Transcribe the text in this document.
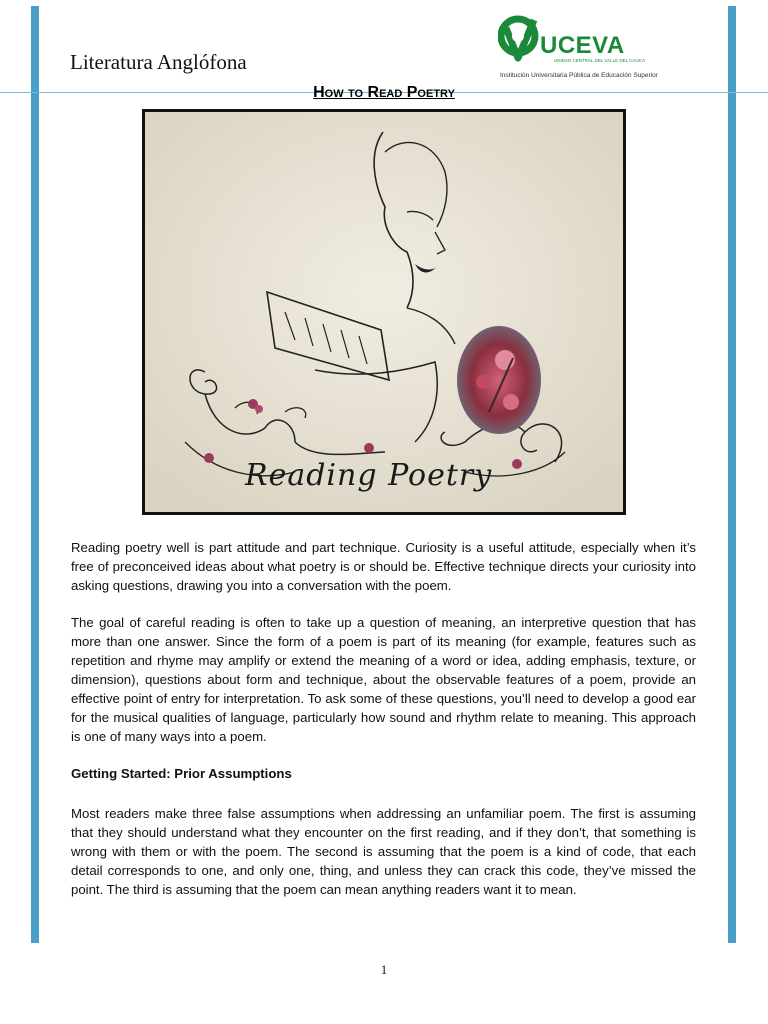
Literatura Anglófona
UCEVA
UNIDAD CENTRAL DEL VALLE DEL CAUCA
Institución Universitaria Pública de Educación Superior
How to Read Poetry
Reading Poetry

Reading poetry well is part attitude and part technique. Curiosity is a useful attitude, especially when it’s free of preconceived ideas about what poetry is or should be. Effective technique directs your curiosity into asking questions, drawing you into a conversation with the poem.

The goal of careful reading is often to take up a question of meaning, an interpretive question that has more than one answer. Since the form of a poem is part of its meaning (for example, features such as repetition and rhyme may amplify or extend the meaning of a word or idea, adding emphasis, texture, or dimension), questions about form and technique, about the observable features of a poem, provide an effective point of entry for interpretation. To ask some of these questions, you’ll need to develop a good ear for the musical qualities of language, particularly how sound and rhythm relate to meaning. This approach is one of many ways into a poem.

Getting Started: Prior Assumptions

Most readers make three false assumptions when addressing an unfamiliar poem. The first is assuming that they should understand what they encounter on the first reading, and if they don’t, that something is wrong with them or with the poem. The second is assuming that the poem is a kind of code, that each detail corresponds to one, and only one, thing, and unless they can crack this code, they’ve missed the point. The third is assuming that the poem can mean anything readers want it to mean.

1
